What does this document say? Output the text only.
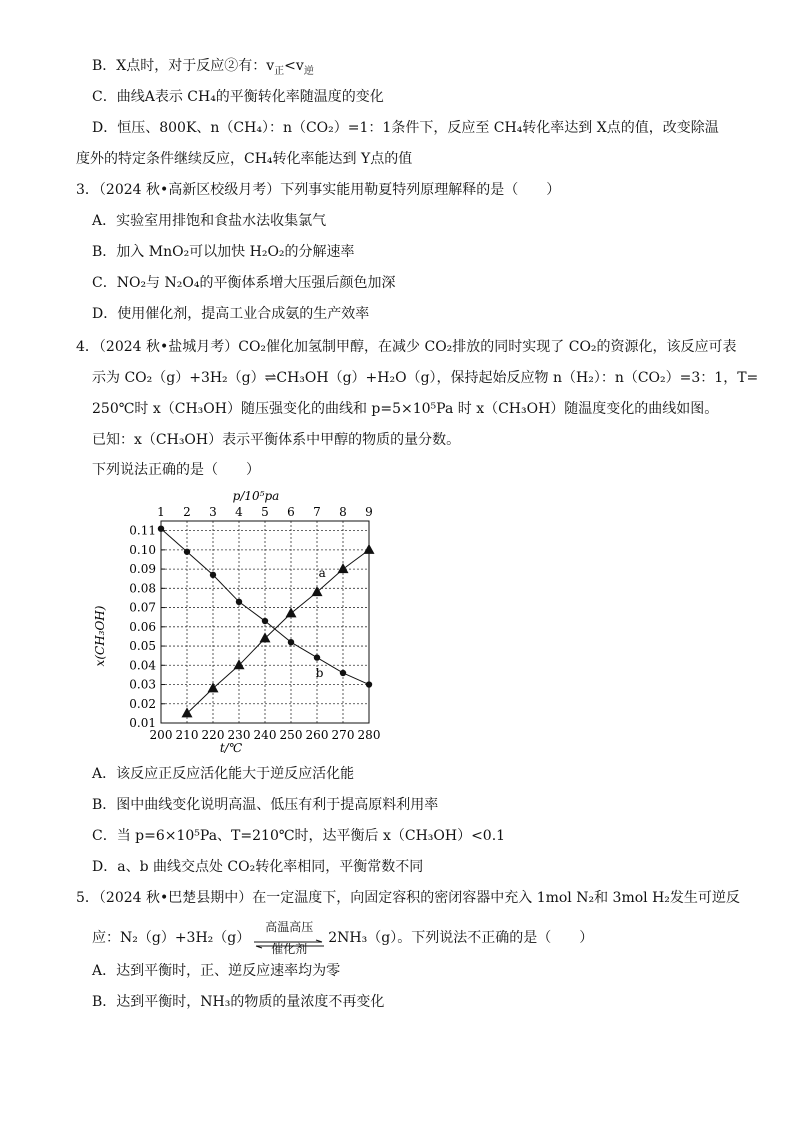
B．X点时，对于反应②有：$v_正<v_逆$
C．曲线A表示 CH₄的平衡转化率随温度的变化
D．恒压、800K、n（CH₄）：n（CO₂）=1：1条件下，反应至 CH₄转化率达到 X点的值，改变除温
度外的特定条件继续反应，CH₄转化率能达到 Y点的值
3．（2024 秋•高新区校级月考）下列事实能用勒夏特列原理解释的是（　　）
A．实验室用排饱和食盐水法收集氯气
B．加入 MnO₂可以加快 H₂O₂的分解速率
C．NO₂与 N₂O₄的平衡体系增大压强后颜色加深
D．使用催化剂，提高工业合成氨的生产效率
4．（2024 秋•盐城月考）CO₂催化加氢制甲醇，在减少 CO₂排放的同时实现了 CO₂的资源化，该反应可表
示为 CO₂（g）+3H₂（g）⇌CH₃OH（g）+H₂O（g），保持起始反应物 n（H₂）：n（CO₂）=3：1，T=
250℃时 x（CH₃OH）随压强变化的曲线和 p=5×10⁵Pa 时 x（CH₃OH）随温度变化的曲线如图。
已知：x（CH₃OH）表示平衡体系中甲醇的物质的量分数。
下列说法正确的是（　　）
p/10⁵pa
1 2 3 4 5 6 7 8 9
0.11
0.10
0.09
0.08
0.07
0.06
0.05
0.04
0.03
0.02
0.01
200 210 220 230 240 250 260 270 280
x(CH₃OH)
t/℃
a
b
A．该反应正反应活化能大于逆反应活化能
B．图中曲线变化说明高温、低压有利于提高原料利用率
C．当 p=6×10⁵Pa、T=210℃时，达平衡后 x（CH₃OH）<0.1
D．a、b 曲线交点处 CO₂转化率相同，平衡常数不同
5．（2024 秋•巴楚县期中）在一定温度下，向固定容积的密闭容器中充入 1mol N₂和 3mol H₂发生可逆反
应：N₂（g）+3H₂（g）
高温高压
催化剂
2NH₃（g）。下列说法不正确的是（　　）
A．达到平衡时，正、逆反应速率均为零
B．达到平衡时，NH₃的物质的量浓度不再变化
